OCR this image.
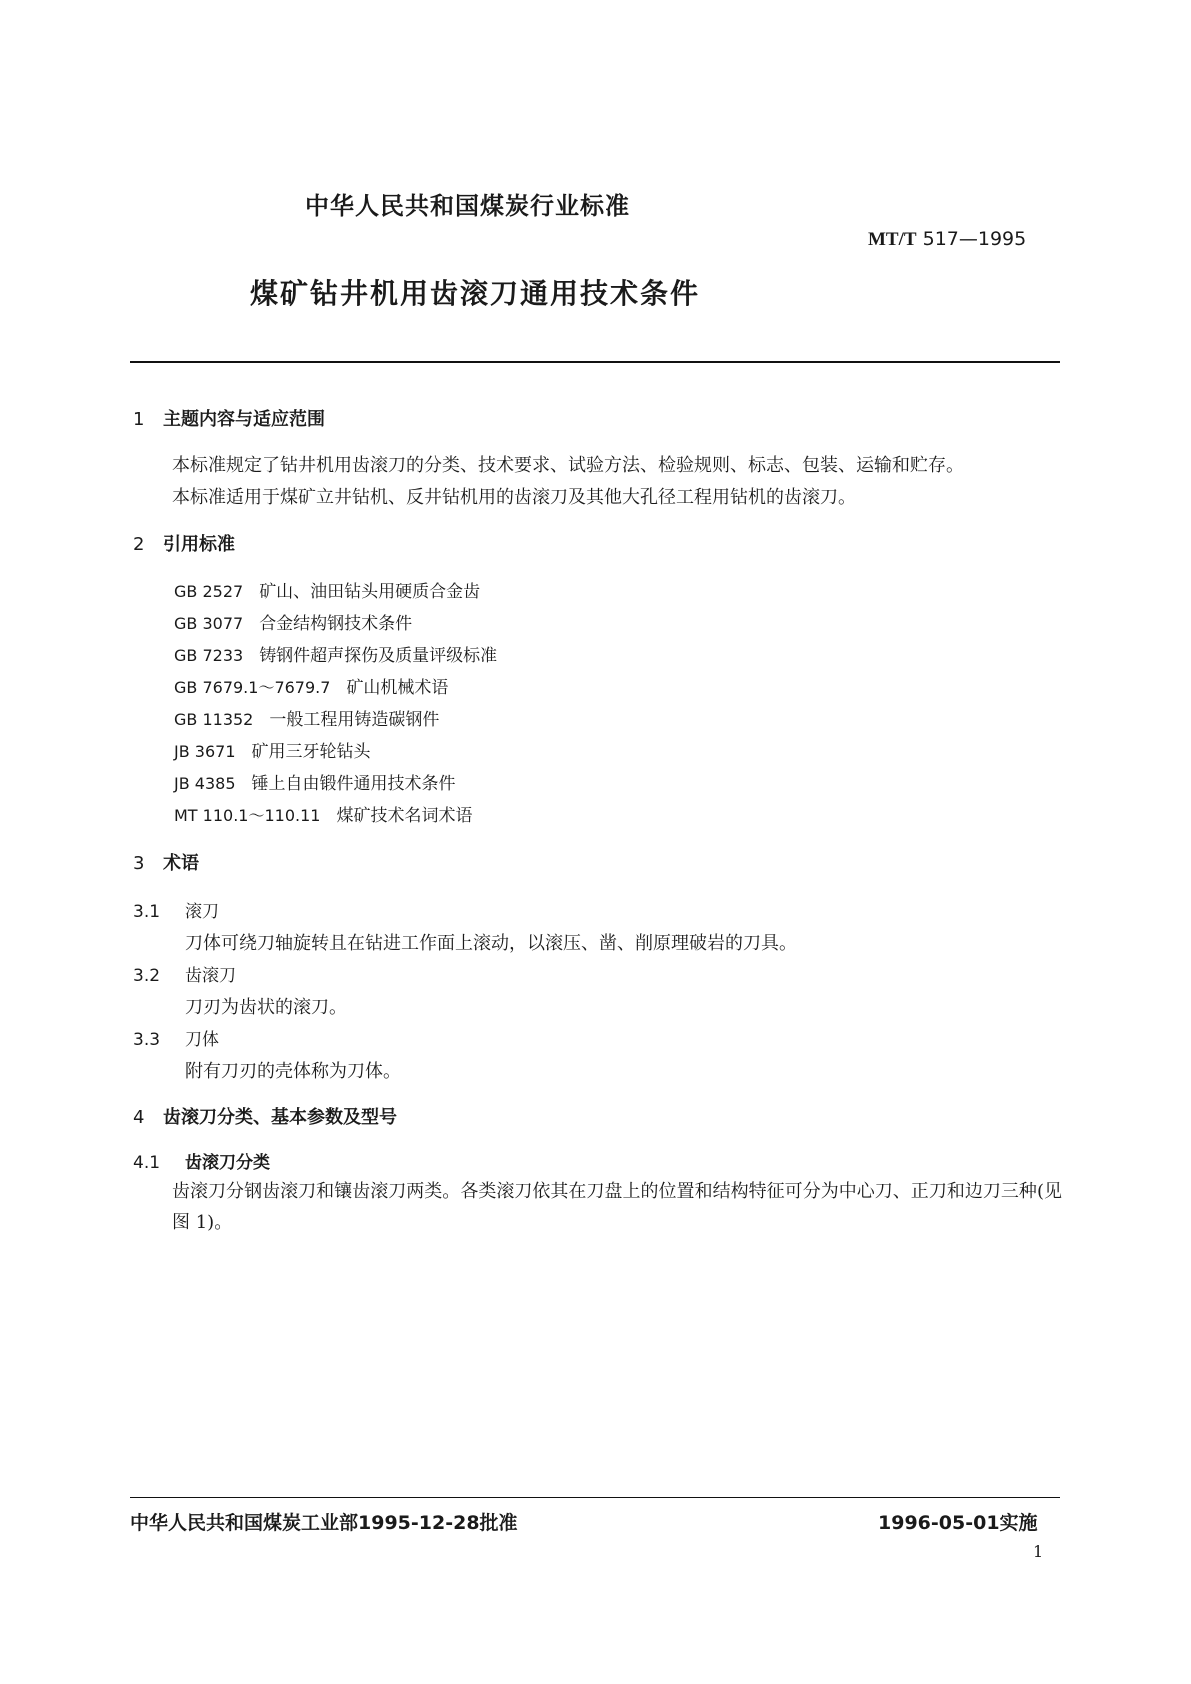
中华人民共和国煤炭行业标准
MT/T 517—1995
煤矿钻井机用齿滚刀通用技术条件
1 主题内容与适应范围
本标准规定了钻井机用齿滚刀的分类、技术要求、试验方法、检验规则、标志、包装、运输和贮存。
本标准适用于煤矿立井钻机、反井钻机用的齿滚刀及其他大孔径工程用钻机的齿滚刀。
2 引用标准
GB 2527 矿山、油田钻头用硬质合金齿
GB 3077 合金结构钢技术条件
GB 7233 铸钢件超声探伤及质量评级标准
GB 7679.1～7679.7 矿山机械术语
GB 11352 一般工程用铸造碳钢件
JB 3671 矿用三牙轮钻头
JB 4385 锤上自由锻件通用技术条件
MT 110.1～110.11 煤矿技术名词术语
3 术语
3.1 滚刀
刀体可绕刀轴旋转且在钻进工作面上滚动，以滚压、凿、削原理破岩的刀具。
3.2 齿滚刀
刀刃为齿状的滚刀。
3.3 刀体
附有刀刃的壳体称为刀体。
4 齿滚刀分类、基本参数及型号
4.1 齿滚刀分类
齿滚刀分钢齿滚刀和镶齿滚刀两类。各类滚刀依其在刀盘上的位置和结构特征可分为中心刀、正刀和边刀三种(见图 1)。
中华人民共和国煤炭工业部1995-12-28批准	1996-05-01实施
1
